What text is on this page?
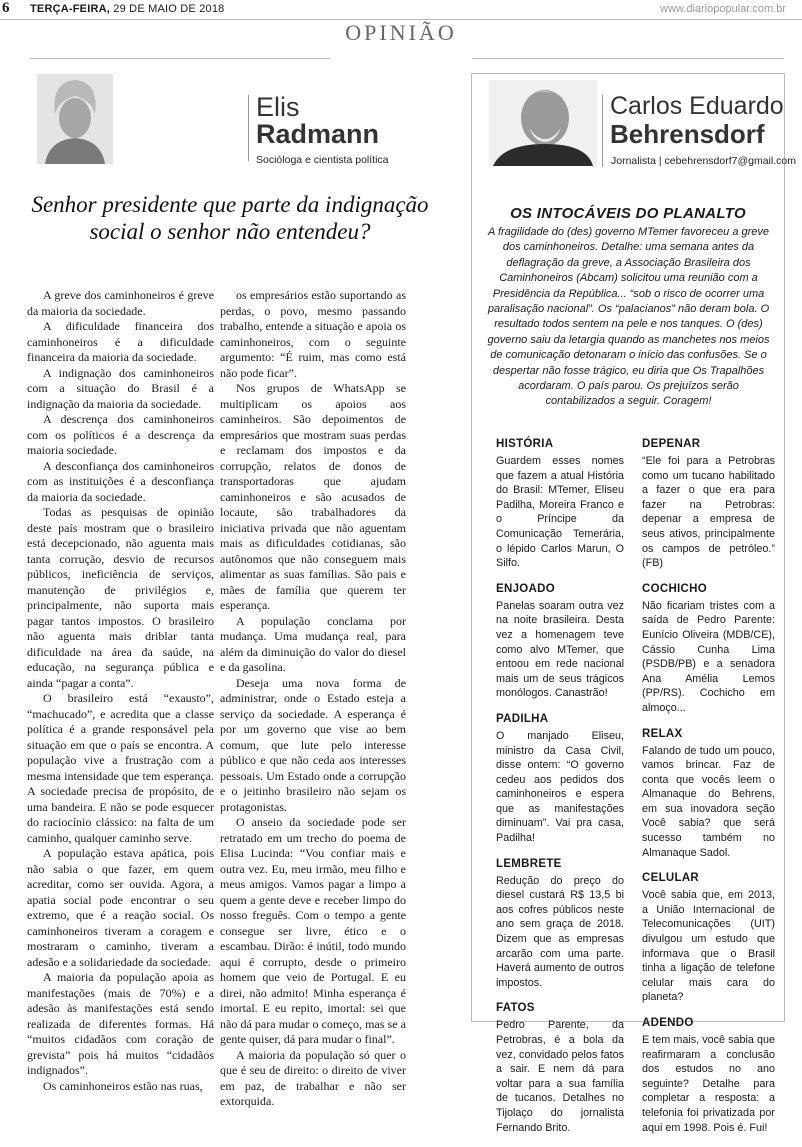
6 TERÇA-FEIRA, 29 DE MAIO DE 2018	www.diariopopular.com.br
OPINIÃO
Elis
Radmann
Socióloga e cientista política
Senhor presidente que parte da indignação social o senhor não entendeu?

A greve dos caminhoneiros é greve da maioria da sociedade.

A dificuldade financeira dos caminhoneiros é a dificuldade financeira da maioria da sociedade.

A indignação dos caminhoneiros com a situação do Brasil é a indignação da maioria da sociedade.

A descrença dos caminhoneiros com os políticos é a descrença da maioria sociedade.

A desconfiança dos caminhoneiros com as instituições é a desconfiança da maioria da sociedade.

Todas as pesquisas de opinião deste país mostram que o brasileiro está decepcionado, não aguenta mais tanta corrução, desvio de recursos públicos, ineficiência de serviços, manutenção de privilégios e, principalmente, não suporta mais pagar tantos impostos. O brasileiro não aguenta mais driblar tanta dificuldade na área da saúde, na educação, na segurança pública e ainda “pagar a conta”.

O brasileiro está “exausto”, “machucado”, e acredita que a classe política é a grande responsável pela situação em que o país se encontra. A população vive a frustração com a mesma intensidade que tem esperança. A sociedade precisa de propósito, de uma bandeira. E não se pode esquecer do raciocínio clássico: na falta de um caminho, qualquer caminho serve.

A população estava apática, pois não sabia o que fazer, em quem acreditar, como ser ouvida. Agora, a apatia social pode encontrar o seu extremo, que é a reação social. Os caminhoneiros tiveram a coragem e mostraram o caminho, tiveram a adesão e a solidariedade da sociedade.

A maioria da população apoia as manifestações (mais de 70%) e a adesão às manifestações está sendo realizada de diferentes formas. Há “muitos cidadãos com coração de grevista” pois há muitos “cidadãos indignados”.

Os caminhoneiros estão nas ruas,

os empresários estão suportando as perdas, o povo, mesmo passando trabalho, entende a situação e apoia os caminhoneiros, com o seguinte argumento: “É ruim, mas como está não pode ficar”.

Nos grupos de WhatsApp se multiplicam os apoios aos caminheiros. São depoimentos de empresários que mostram suas perdas e reclamam dos impostos e da corrupção, relatos de donos de transportadoras que ajudam caminhoneiros e são acusados de locaute, são trabalhadores da iniciativa privada que não aguentam mais as dificuldades cotidianas, são autônomos que não conseguem mais alimentar as suas famílias. São pais e mães de família que querem ter esperança.

A população conclama por mudança. Uma mudança real, para além da diminuição do valor do diesel e da gasolina.

Deseja uma nova forma de administrar, onde o Estado esteja a serviço da sociedade. A esperança é por um governo que vise ao bem comum, que lute pelo interesse público e que não ceda aos interesses pessoais. Um Estado onde a corrupção e o jeitinho brasileiro não sejam os protagonistas.

O anseio da sociedade pode ser retratado em um trecho do poema de Elisa Lucinda: “Vou confiar mais e outra vez. Eu, meu irmão, meu filho e meus amigos. Vamos pagar a limpo a quem a gente deve e receber limpo do nosso freguês. Com o tempo a gente consegue ser livre, ético e o escambau. Dirão: é inútil, todo mundo aqui é corrupto, desde o primeiro homem que veio de Portugal. E eu direi, não admito! Minha esperança é imortal. E eu repito, imortal: sei que não dá para mudar o começo, mas se a gente quiser, dá para mudar o final”.

A maioria da população só quer o que é seu de direito: o direito de viver em paz, de trabalhar e não ser extorquida.

Carlos Eduardo
Behrensdorf
Jornalista | cebehrensdorf7@gmail.com
OS INTOCÁVEIS DO PLANALTO
A fragilidade do (des) governo MTemer favoreceu a greve dos caminhoneiros. Detalhe: uma semana antes da deflagração da greve, a Associação Brasileira dos Caminhoneiros (Abcam) solicitou uma reunião com a Presidência da República... “sob o risco de ocorrer uma paralisação nacional”. Os “palacianos” não deram bola. O resultado todos sentem na pele e nos tanques. O (des) governo saiu da letargia quando as manchetes nos meios de comunicação detonaram o início das confusões. Se o despertar não fosse trágico, eu diria que Os Trapalhões acordaram. O país parou. Os prejuízos serão contabilizados a seguir. Coragem!
HISTÓRIA
Guardem esses nomes que fazem a atual História do Brasil: MTemer, Eliseu Padilha, Moreira Franco e o Príncipe da Comunicação Temerária, o lépido Carlos Marun, O Silfo.
ENJOADO
Panelas soaram outra vez na noite brasileira. Desta vez a homenagem teve como alvo MTemer, que entoou em rede nacional mais um de seus trágicos monólogos. Canastrão!
PADILHA
O manjado Eliseu, ministro da Casa Civil, disse ontem: “O governo cedeu aos pedidos dos caminhoneiros e espera que as manifestações diminuam”. Vai pra casa, Padilha!
LEMBRETE
Redução do preço do diesel custará R$ 13,5 bi aos cofres públicos neste ano sem graça de 2018. Dizem que as empresas arcarão com uma parte. Haverá aumento de outros impostos.
FATOS
Pedro Parente, da Petrobras, é a bola da vez, convidado pelos fatos a sair. E nem dá para voltar para a sua família de tucanos. Detalhes no Tijolaço do jornalista Fernando Brito.
DEPENAR
“Ele foi para a Petrobras como um tucano habilitado a fazer o que era para fazer na Petrobras: depenar a empresa de seus ativos, principalmente os campos de petróleo.” (FB)
COCHICHO
Não ficariam tristes com a saída de Pedro Parente: Eunício Oliveira (MDB/CE), Cássio Cunha Lima (PSDB/PB) e a senadora Ana Amélia Lemos (PP/RS). Cochicho em almoço...
RELAX
Falando de tudo um pouco, vamos brincar. Faz de conta que vocês leem o Almanaque do Behrens, em sua inovadora seção Você sabia? que será sucesso também no Almanaque Sadol.
CELULAR
Você sabia que, em 2013, a União Internacional de Telecomunicações (UIT) divulgou um estudo que informava que o Brasil tinha a ligação de telefone celular mais cara do planeta?
ADENDO
E tem mais, você sabia que reafirmaram a conclusão dos estudos no ano seguinte? Detalhe para completar a resposta: a telefonia foi privatizada por aqui em 1998. Pois é. Fui!
